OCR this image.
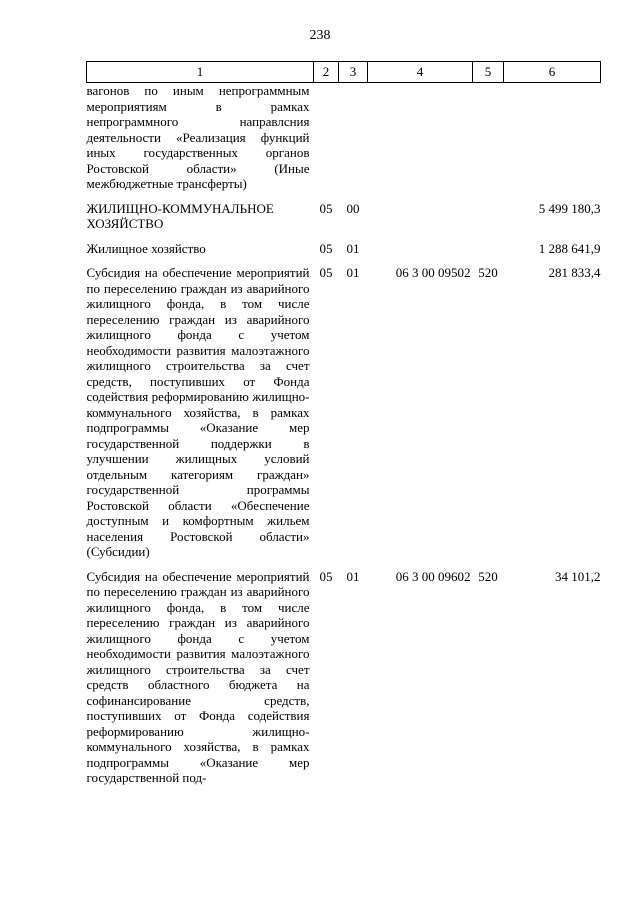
238
1	2	3	4	5	6
вагонов по иным непрограммным мероприятиям в рамках непрограммного направлсния деятельности «Реализация функций иных государственных органов Ростовской области» (Иные межбюджетные трансферты)					

ЖИЛИЩНО-КОММУНАЛЬНОЕ ХОЗЯЙСТВО	05	00			5 499 180,3

Жилищное хозяйство	05	01			1 288 641,9

Субсидия на обеспечение мероприятий по переселению граждан из аварийного жилищного фонда, в том числе переселению граждан из аварийного жилищного фонда с учетом необходимости развития малоэтажного жилищного строительства за счет средств, поступивших от Фонда содействия реформированию жилищно-коммунального хозяйства, в рамках подпрограммы «Оказание мер государственной поддержки в улучшении жилищных условий отдельным категориям граждан» государственной программы Ростовской области «Обеспечение доступным и комфортным жильем населения Ростовской области» (Субсидии)	05	01	06 3 00 09502	520	281 833,4

Субсидия на обеспечение мероприятий по переселению граждан из аварийного жилищного фонда, в том числе переселению граждан из аварийного жилищного фонда с учетом необходимости развития малоэтажного жилищного строительства за счет средств областного бюджета на софинансирование средств, поступивших от Фонда содействия реформированию жилищно-коммунального хозяйства, в рамках подпрограммы «Оказание мер государственной под-	05	01	06 3 00 09602	520	34 101,2
